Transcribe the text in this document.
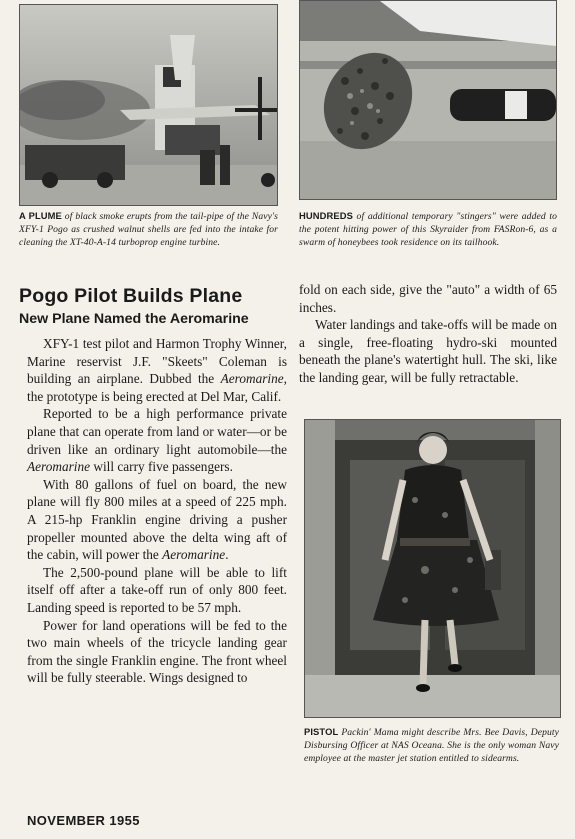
A PLUME of black smoke erupts from the tail-pipe of the Navy's XFY-1 Pogo as crushed walnut shells are fed into the intake for cleaning the XT-40-A-14 turboprop engine turbine.
HUNDREDS of additional temporary "stingers" were added to the potent hitting power of this Skyraider from FASRon-6, as a swarm of honeybees took residence on its tailhook.
Pogo Pilot Builds Plane
New Plane Named the Aeromarine

XFY-1 test pilot and Harmon Trophy Winner, Marine reservist J.F. "Skeets" Coleman is building an airplane. Dubbed the Aeromarine, the prototype is being erected at Del Mar, Calif.

Reported to be a high performance private plane that can operate from land or water—or be driven like an ordinary light automobile—the Aeromarine will carry five passengers.

With 80 gallons of fuel on board, the new plane will fly 800 miles at a speed of 225 mph. A 215-hp Franklin engine driving a pusher propeller mounted above the delta wing aft of the cabin, will power the Aeromarine.

The 2,500-pound plane will be able to lift itself off after a take-off run of only 800 feet. Landing speed is reported to be 57 mph.

Power for land operations will be fed to the two main wheels of the tricycle landing gear from the single Franklin engine. The front wheel will be fully steerable. Wings designed to

fold on each side, give the "auto" a width of 65 inches.

Water landings and take-offs will be made on a single, free-floating hydro-ski mounted beneath the plane's watertight hull. The ski, like the landing gear, will be fully retractable.

PISTOL Packin' Mama might describe Mrs. Bee Davis, Deputy Disbursing Officer at NAS Oceana. She is the only woman Navy employee at the master jet station entitled to sidearms.
NOVEMBER 1955
